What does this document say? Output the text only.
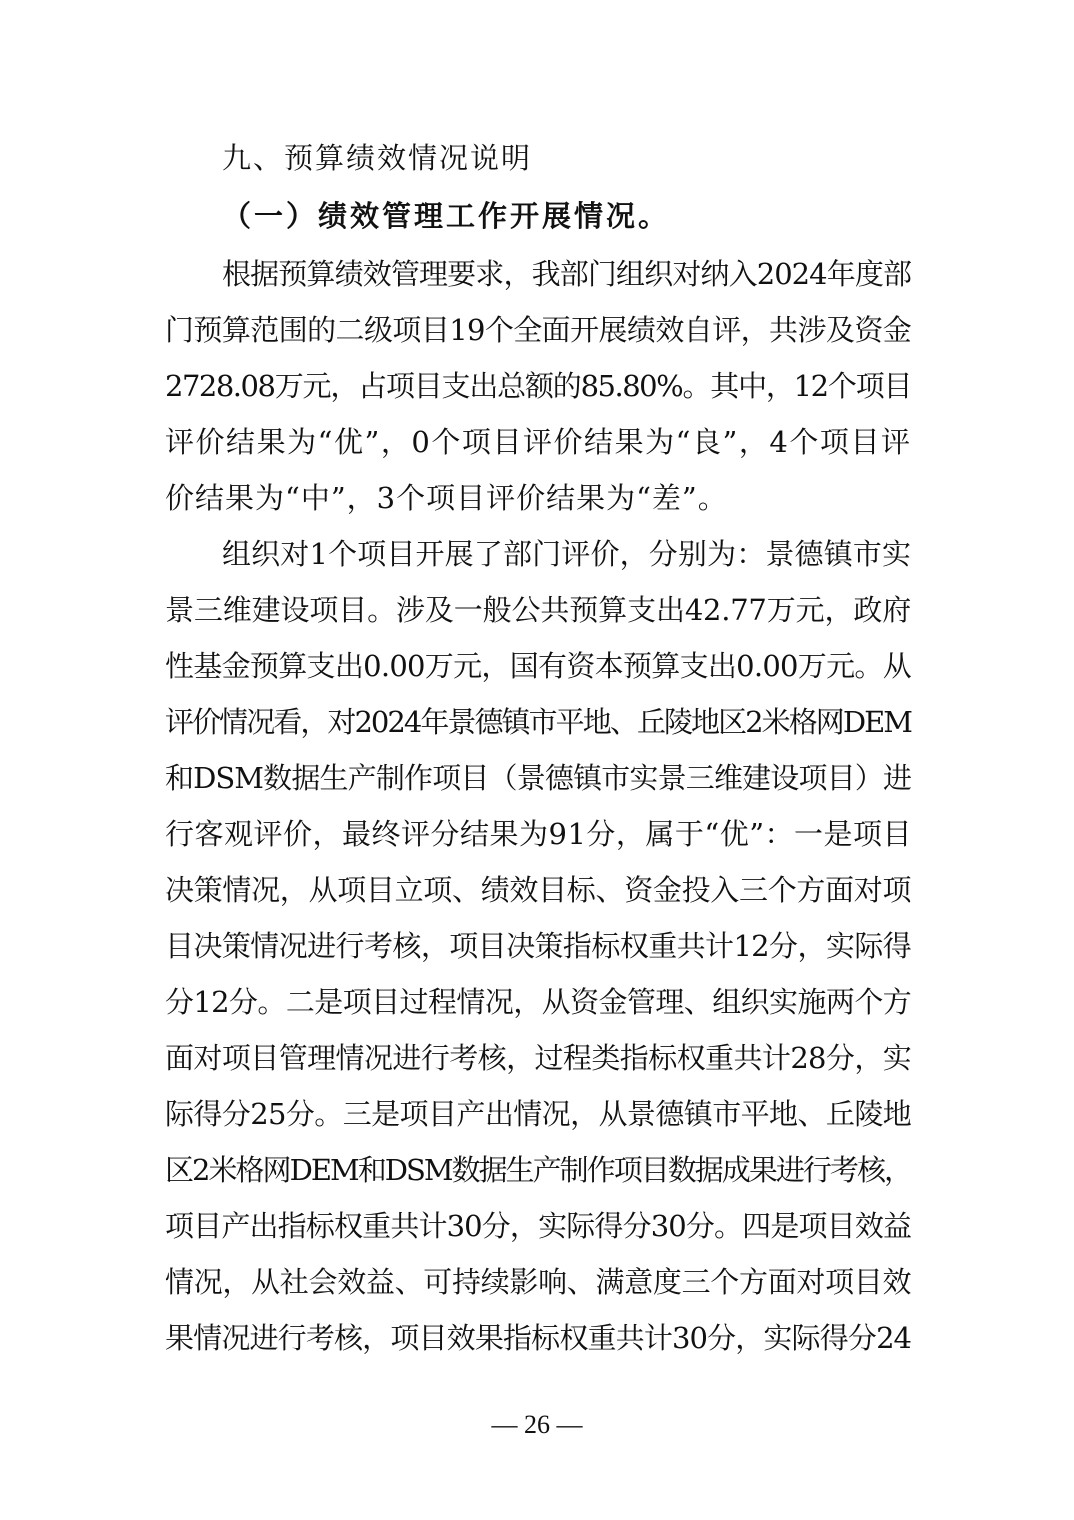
九、预算绩效情况说明
（一）绩效管理工作开展情况。
根据预算绩效管理要求，我部门组织对纳入2024年度部
门预算范围的二级项目19个全面开展绩效自评，共涉及资金
2728.08万元，占项目支出总额的85.80%。其中，12个项目
评价结果为“优”，0个项目评价结果为“良”，4个项目评
价结果为“中”，3个项目评价结果为“差”。
组织对1个项目开展了部门评价，分别为：景德镇市实
景三维建设项目。涉及一般公共预算支出42.77万元，政府
性基金预算支出0.00万元，国有资本预算支出0.00万元。从
评价情况看，对2024年景德镇市平地、丘陵地区2米格网DEM
和DSM数据生产制作项目（景德镇市实景三维建设项目）进
行客观评价，最终评分结果为91分，属于“优”：一是项目
决策情况，从项目立项、绩效目标、资金投入三个方面对项
目决策情况进行考核，项目决策指标权重共计12分，实际得
分12分。二是项目过程情况，从资金管理、组织实施两个方
面对项目管理情况进行考核，过程类指标权重共计28分，实
际得分25分。三是项目产出情况，从景德镇市平地、丘陵地
区2米格网DEM和DSM数据生产制作项目数据成果进行考核，
项目产出指标权重共计30分，实际得分30分。四是项目效益
情况，从社会效益、可持续影响、满意度三个方面对项目效
果情况进行考核，项目效果指标权重共计30分，实际得分24
— 26 —
